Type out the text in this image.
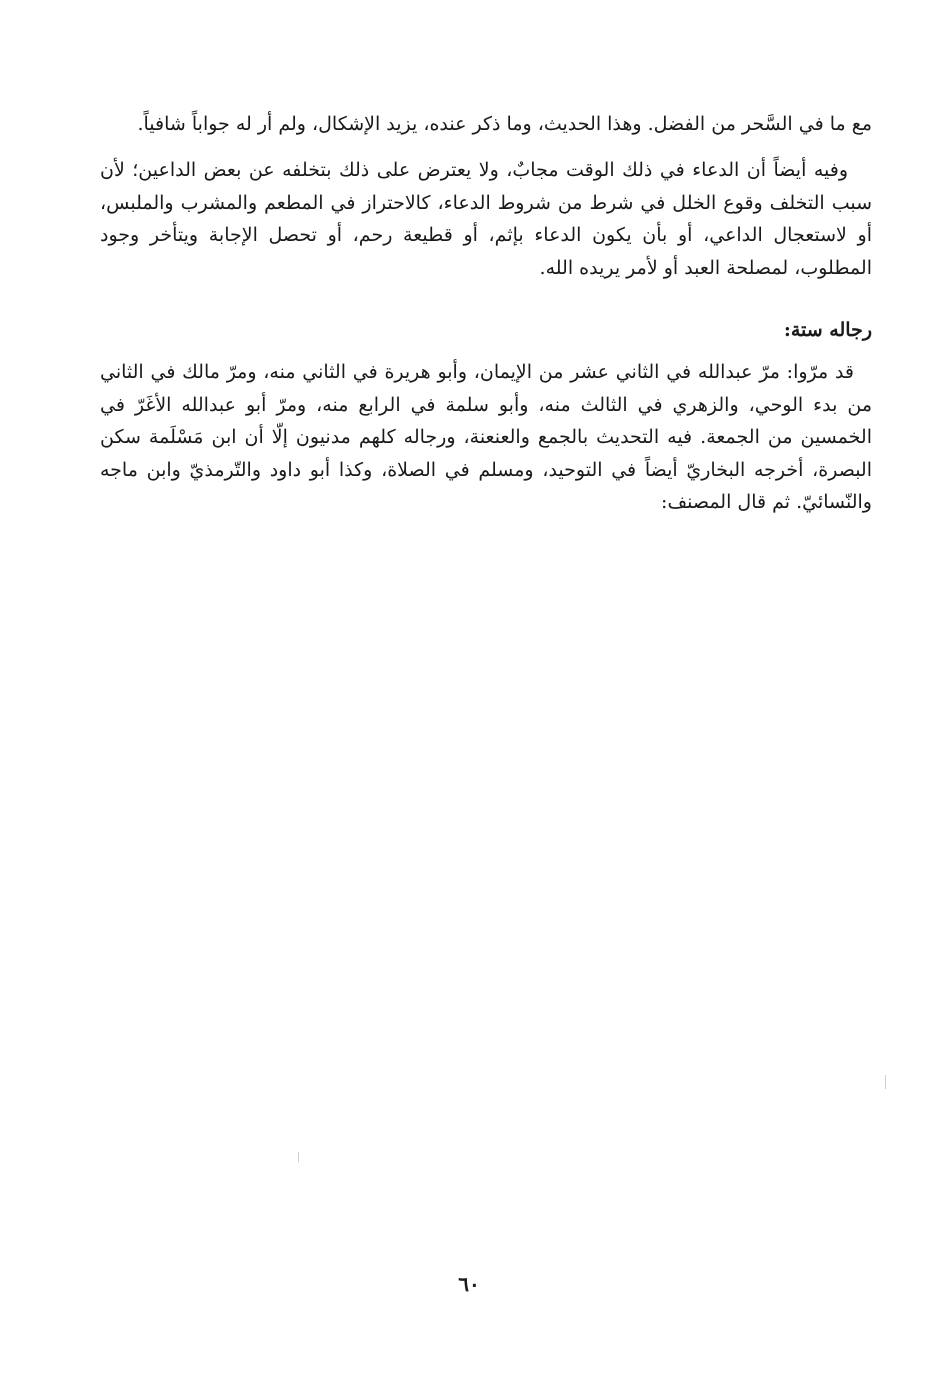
مع ما في السَّحر من الفضل. وهذا الحديث، وما ذكر عنده، يزيد الإشكال، ولم أر له جواباً شافياً.

وفيه أيضاً أن الدعاء في ذلك الوقت مجابٌ، ولا يعترض على ذلك بتخلفه عن بعض الداعين؛ لأن سبب التخلف وقوع الخلل في شرط من شروط الدعاء، كالاحتراز في المطعم والمشرب والملبس، أو لاستعجال الداعي، أو بأن يكون الدعاء بإثم، أو قطيعة رحم، أو تحصل الإجابة ويتأخر وجود المطلوب، لمصلحة العبد أو لأمر يريده الله.

رجاله ستة:

قد مرّوا: مرّ عبدالله في الثاني عشر من الإيمان، وأبو هريرة في الثاني منه، ومرّ مالك في الثاني من بدء الوحي، والزهري في الثالث منه، وأبو سلمة في الرابع منه، ومرّ أبو عبدالله الأغَرّ في الخمسين من الجمعة. فيه التحديث بالجمع والعنعنة، ورجاله كلهم مدنيون إلّا أن ابن مَسْلَمة سكن البصرة، أخرجه البخاريّ أيضاً في التوحيد، ومسلم في الصلاة، وكذا أبو داود والتّرمذيّ وابن ماجه والنّسائيّ. ثم قال المصنف:

٦٠
